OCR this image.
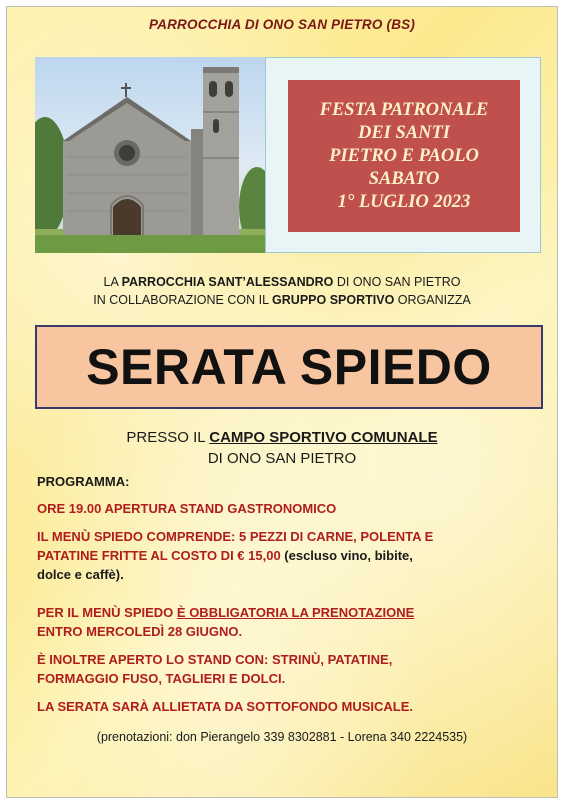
PARROCCHIA DI ONO SAN PIETRO (BS)
FESTA PATRONALE
DEI SANTI
PIETRO E PAOLO
SABATO
1° LUGLIO 2023
LA PARROCCHIA SANT’ALESSANDRO DI ONO SAN PIETRO
IN COLLABORAZIONE CON IL GRUPPO SPORTIVO ORGANIZZA
SERATA SPIEDO
PRESSO IL CAMPO SPORTIVO COMUNALE
DI ONO SAN PIETRO
PROGRAMMA:
ORE 19.00 APERTURA STAND GASTRONOMICO
IL MENÙ SPIEDO COMPRENDE: 5 PEZZI DI CARNE, POLENTA E
PATATINE FRITTE AL COSTO DI € 15,00 (escluso vino, bibite,
dolce e caffè).
PER IL MENÙ SPIEDO È OBBLIGATORIA LA PRENOTAZIONE
ENTRO MERCOLEDÌ 28 GIUGNO.
È INOLTRE APERTO LO STAND CON: STRINÙ, PATATINE,
FORMAGGIO FUSO, TAGLIERI E DOLCI.
LA SERATA SARÀ ALLIETATA DA SOTTOFONDO MUSICALE.
(prenotazioni: don Pierangelo 339 8302881 - Lorena 340 2224535)
